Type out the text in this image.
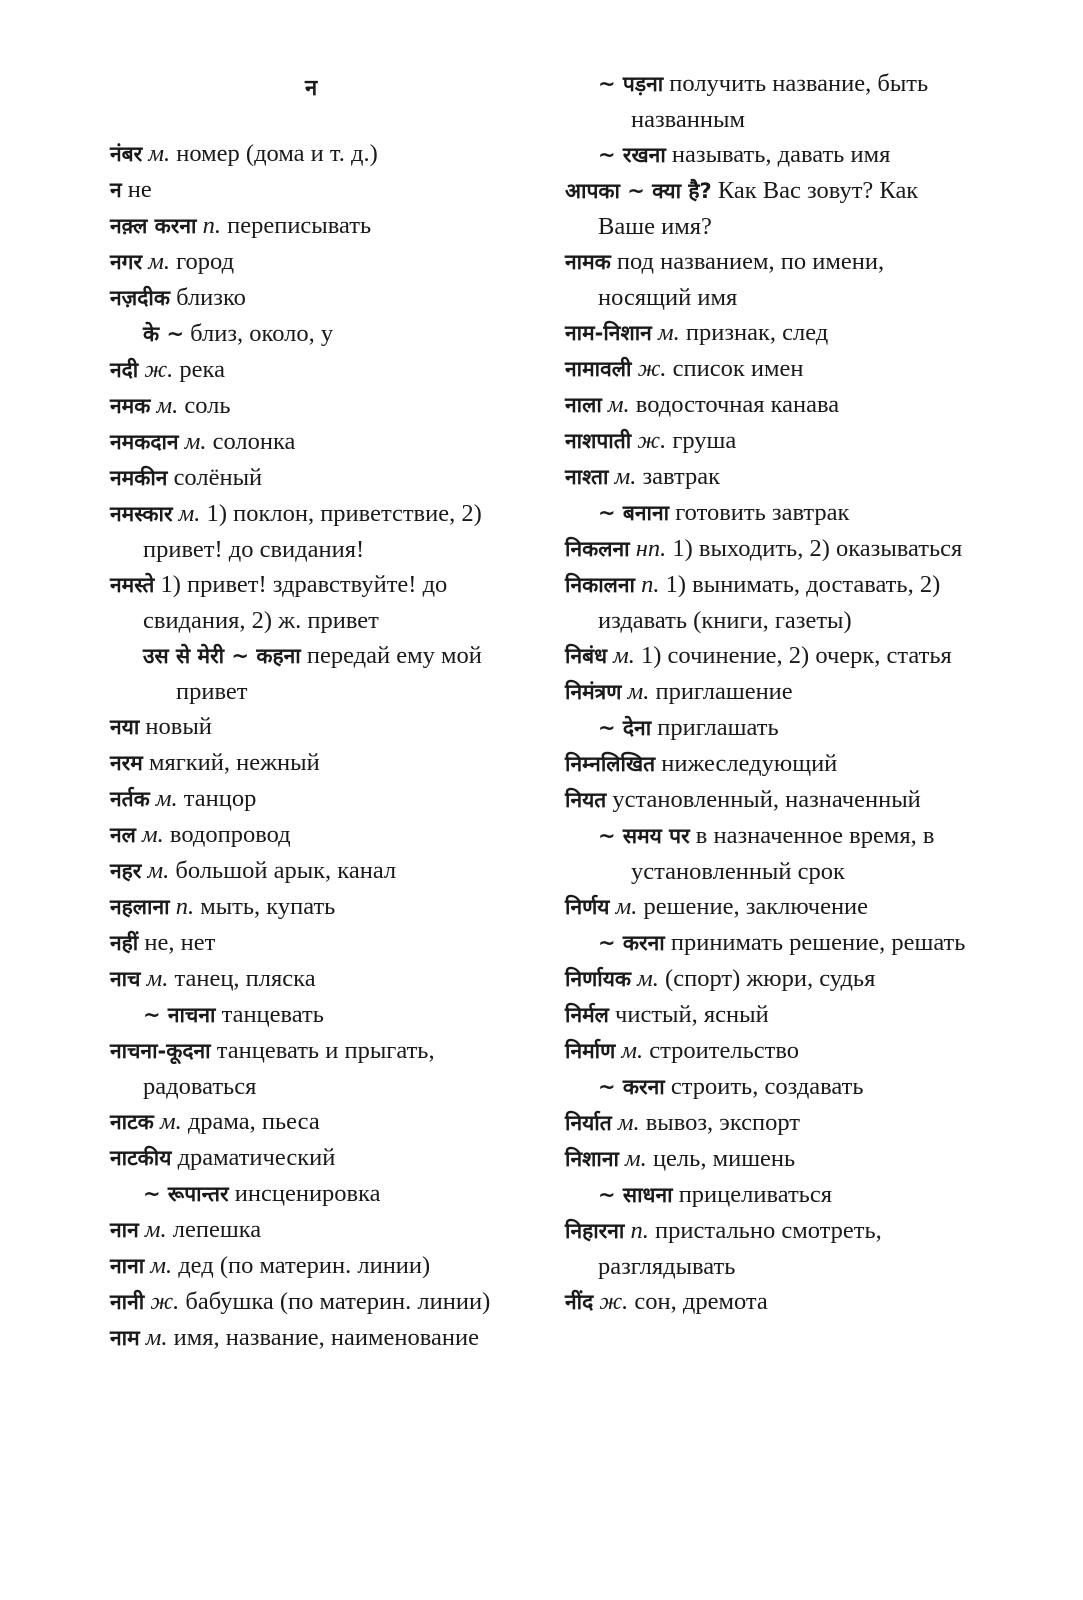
न
नंबर м. номер (дома и т. д.)
न не
नक़्ल करना п. переписывать
नगर м. город
नज़दीक близко
के ~ близ, около, у
नदी ж. река
नमक м. соль
नमकदान м. солонка
नमकीन солёный
नमस्कार м. 1) поклон, приветствие, 2) привет! до свидания!
नमस्ते 1) привет! здравствуйте! до свидания, 2) ж. привет
उस से मेरी ~ कहना передай ему мой привет
नया новый
नरम мягкий, нежный
नर्तक м. танцор
नल м. водопровод
नहर м. большой арык, канал
नहलाना п. мыть, купать
नहीं не, нет
नाच м. танец, пляска
~ नाचना танцевать
नाचना-कूदना танцевать и прыгать, радоваться
नाटक м. драма, пьеса
नाटकीय драматический
~ रूपान्तर инсценировка
नान м. лепешка
नाना м. дед (по материн. линии)
नानी ж. бабушка (по материн. линии)
नाम м. имя, название, наименование
~ पड़ना получить название, быть названным
~ रखना называть, давать имя
आपका ~ क्या है? Как Вас зовут? Как Ваше имя?
नामक под названием, по имени, носящий имя
नाम-निशान м. признак, след
नामावली ж. список имен
नाला м. водосточная канава
नाशपाती ж. груша
नाश्ता м. завтрак
~ बनाना готовить завтрак
निकलना нп. 1) выходить, 2) оказываться
निकालना п. 1) вынимать, доставать, 2) издавать (книги, газеты)
निबंध м. 1) сочинение, 2) очерк, статья
निमंत्रण м. приглашение
~ देना приглашать
निम्नलिखित нижеследующий
नियत установленный, назначенный
~ समय पर в назначенное время, в установленный срок
निर्णय м. решение, заключение
~ करना принимать решение, решать
निर्णायक м. (спорт) жюри, судья
निर्मल чистый, ясный
निर्माण м. строительство
~ करना строить, создавать
निर्यात м. вывоз, экспорт
निशाना м. цель, мишень
~ साधना прицеливаться
निहारना п. пристально смотреть, разглядывать
नींद ж. сон, дремота
